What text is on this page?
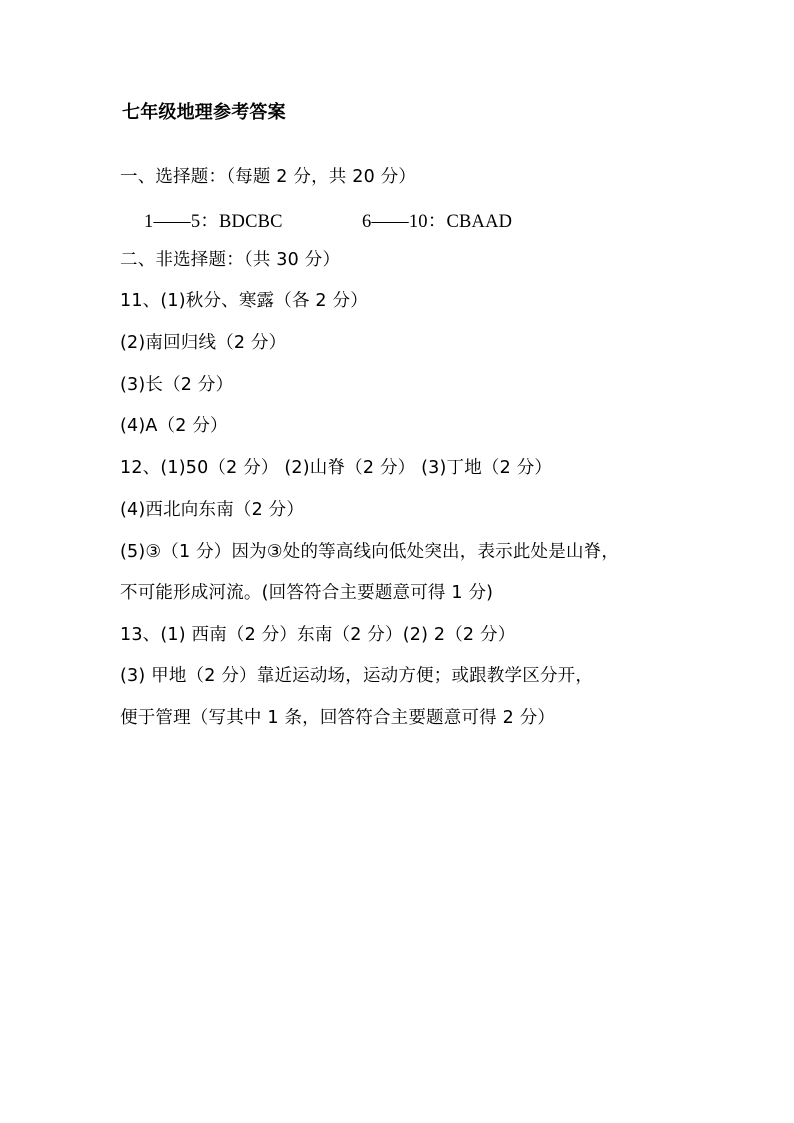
七年级地理参考答案
一、选择题：（每题 2 分，共 20 分）
1——5：BDCBC	6——10：CBAAD
二、非选择题：（共 30 分）
11、(1)秋分、寒露（各 2 分）
(2)南回归线（2 分）
(3)长（2 分）
(4)A（2 分）
12、(1)50（2 分） (2)山脊（2 分） (3)丁地（2 分）
(4)西北向东南（2 分）
(5)③（1 分）因为③处的等高线向低处突出，表示此处是山脊，
不可能形成河流。(回答符合主要题意可得 1 分)
13、(1) 西南（2 分）东南（2 分）(2) 2（2 分）
(3) 甲地（2 分）靠近运动场，运动方便；或跟教学区分开，
便于管理（写其中 1 条，回答符合主要题意可得 2 分）
